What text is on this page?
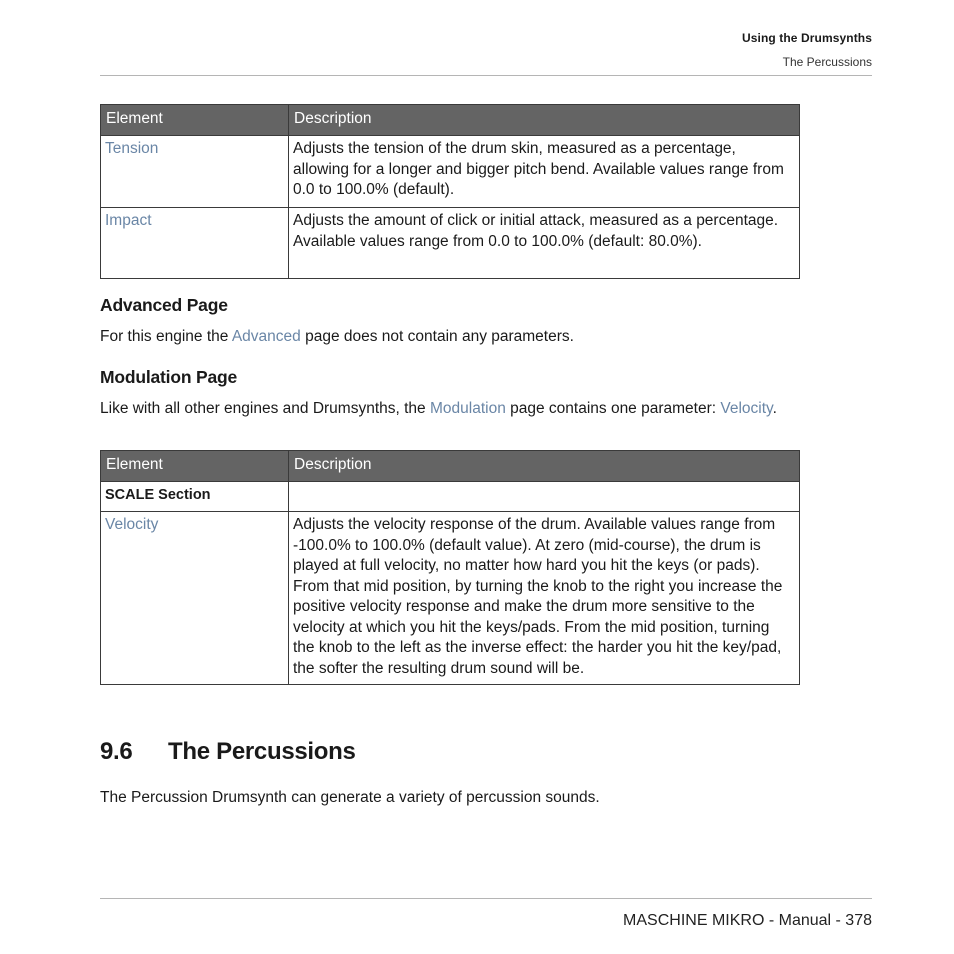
Using the Drumsynths
The Percussions
Element	Description
Tension	Adjusts the tension of the drum skin, measured as a percentage, allowing for a longer and bigger pitch bend. Available values range from 0.0 to 100.0% (default).
Impact	Adjusts the amount of click or initial attack, measured as a percentage. Available values range from 0.0 to 100.0% (default: 80.0%).
Advanced Page
For this engine the Advanced page does not contain any parameters.
Modulation Page
Like with all other engines and Drumsynths, the Modulation page contains one parameter: Velocity.
Element	Description
SCALE Section	
Velocity	Adjusts the velocity response of the drum. Available values range from -100.0% to 100.0% (default value). At zero (mid-course), the drum is played at full velocity, no matter how hard you hit the keys (or pads). From that mid position, by turning the knob to the right you increase the positive velocity response and make the drum more sensitive to the velocity at which you hit the keys/pads. From the mid position, turning the knob to the left as the inverse effect: the harder you hit the key/pad, the softer the resulting drum sound will be.
9.6 The Percussions
The Percussion Drumsynth can generate a variety of percussion sounds.
MASCHINE MIKRO - Manual - 378
